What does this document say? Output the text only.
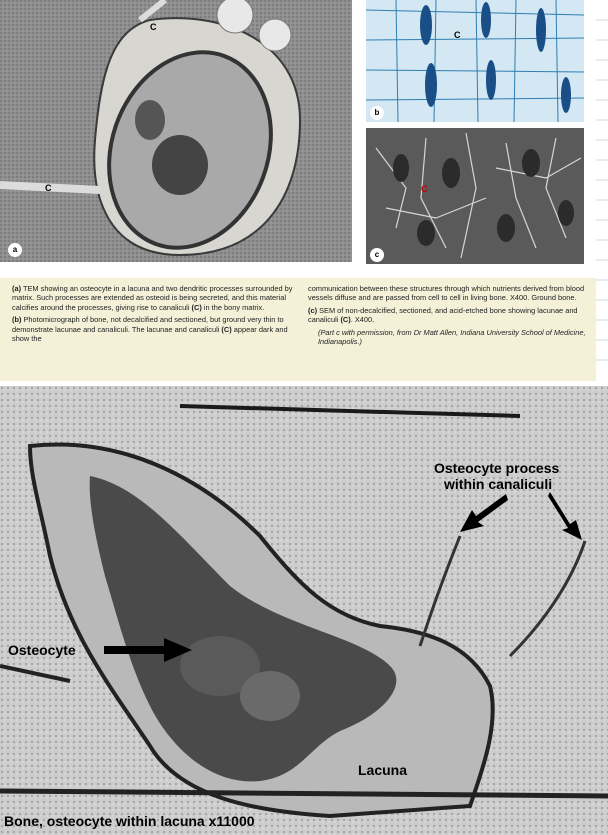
C
C
a
C
b
C
c

(a) TEM showing an osteocyte in a lacuna and two dendritic processes surrounded by matrix. Such processes are extended as osteoid is being secreted, and this material calcifies around the processes, giving rise to canaliculi (C) in the bony matrix.

(b) Photomicrograph of bone, not decalcified and sectioned, but ground very thin to demonstrate lacunae and canaliculi. The lacunae and canaliculi (C) appear dark and show the

communication between these structures through which nutrients derived from blood vessels diffuse and are passed from cell to cell in living bone. X400. Ground bone.

(c) SEM of non-decalcified, sectioned, and acid-etched bone showing lacunae and canaliculi (C). X400.

(Part c with permission, from Dr Matt Allen, Indiana University School of Medicine, Indianapolis.)

Osteocyte process
within canaliculi
Osteocyte
Lacuna
Bone, osteocyte within lacuna x11000
